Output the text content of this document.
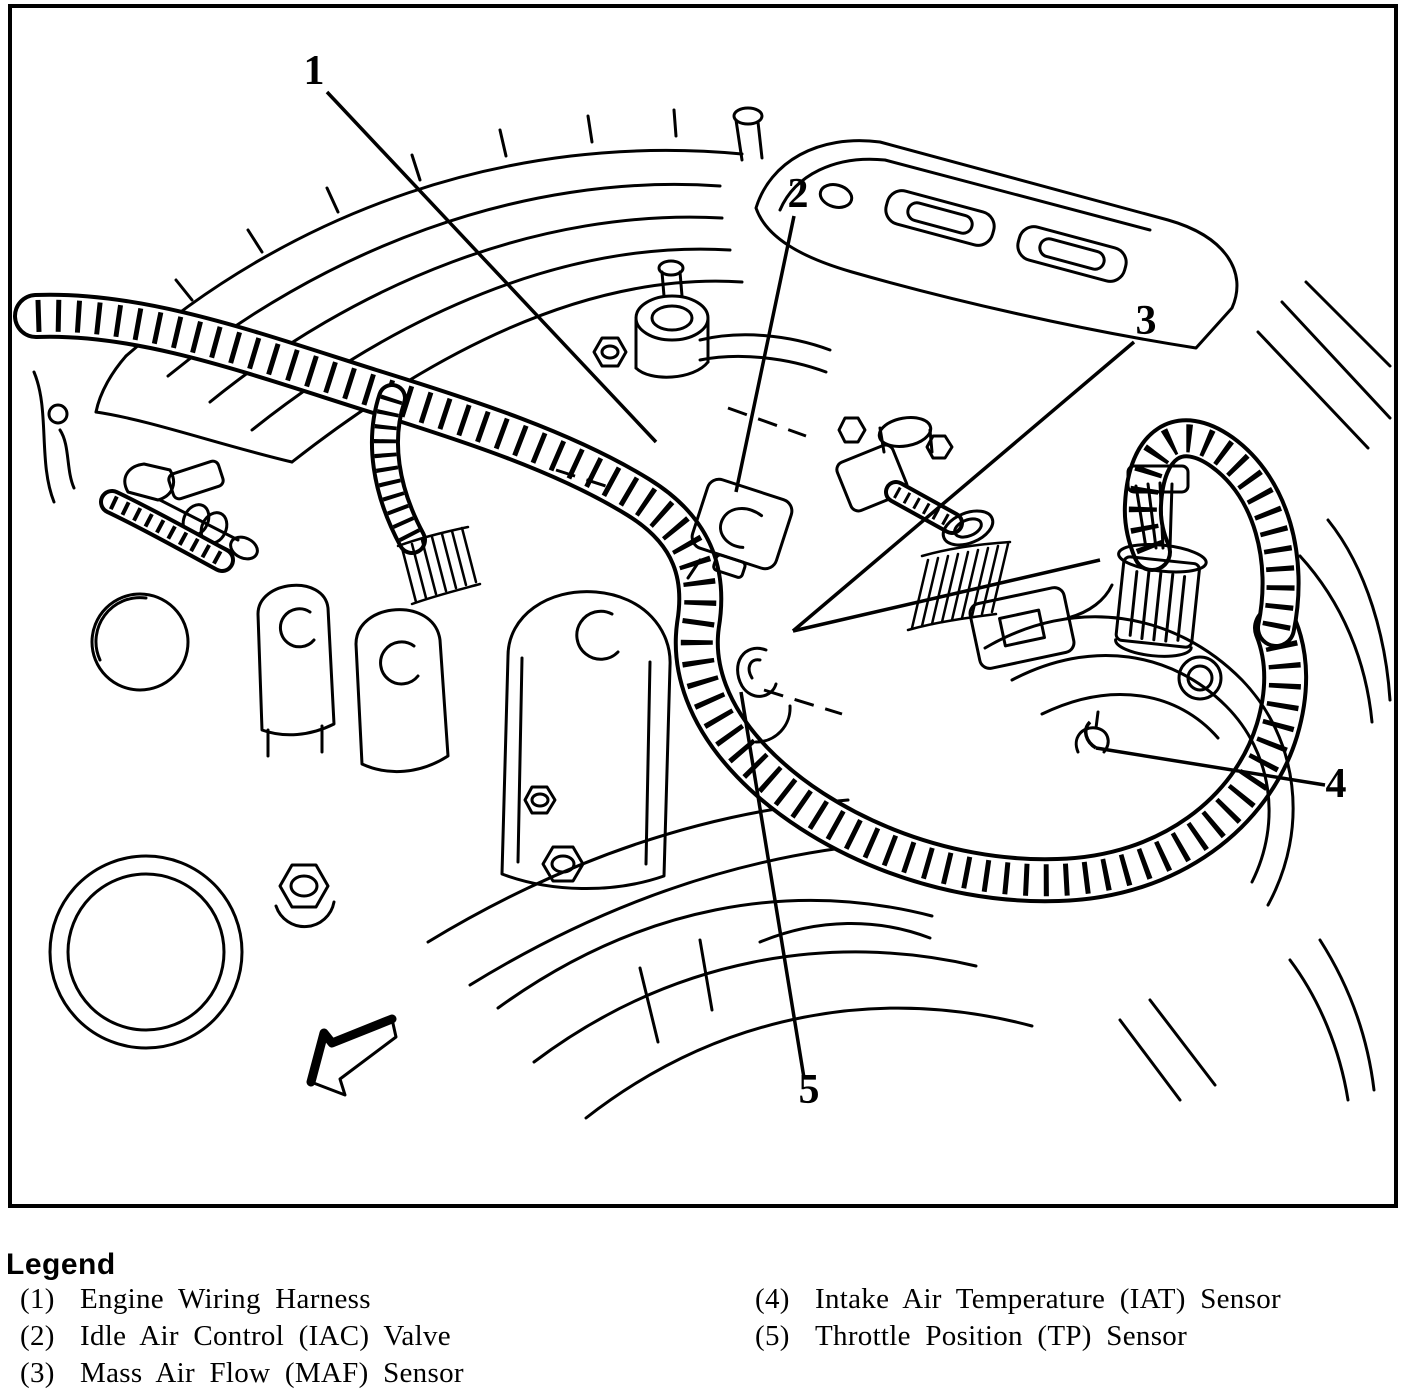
1
2
3
4
5
Legend
(1) Engine Wiring Harness
(2) Idle Air Control (IAC) Valve
(3) Mass Air Flow (MAF) Sensor
(4) Intake Air Temperature (IAT) Sensor
(5) Throttle Position (TP) Sensor
